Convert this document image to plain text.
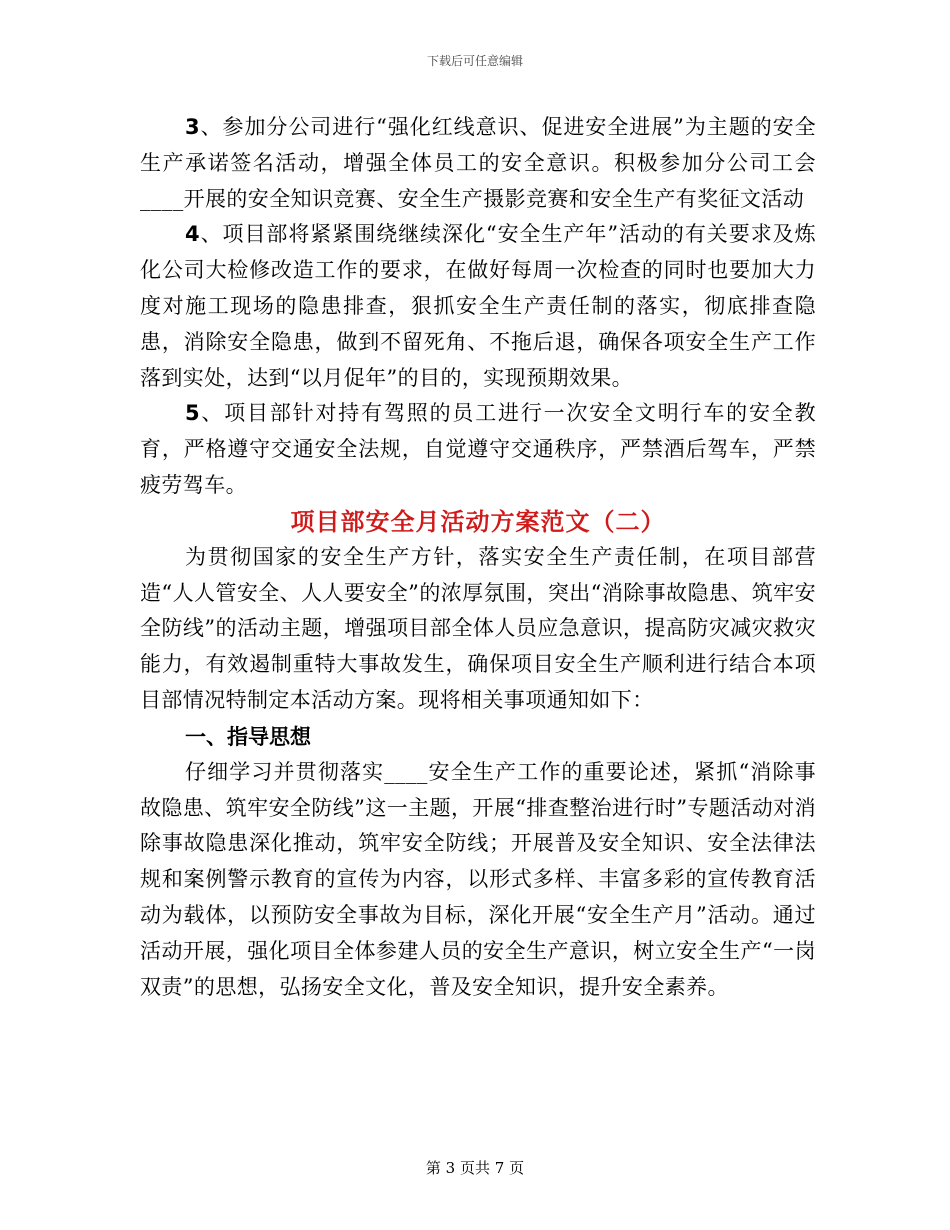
下载后可任意编辑

3、参加分公司进行“强化红线意识、促进安全进展”为主题的安全生产承诺签名活动，增强全体员工的安全意识。积极参加分公司工会____开展的安全知识竞赛、安全生产摄影竞赛和安全生产有奖征文活动

4、项目部将紧紧围绕继续深化“安全生产年”活动的有关要求及炼化公司大检修改造工作的要求，在做好每周一次检查的同时也要加大力度对施工现场的隐患排查，狠抓安全生产责任制的落实，彻底排查隐患，消除安全隐患，做到不留死角、不拖后退，确保各项安全生产工作落到实处，达到“以月促年”的目的，实现预期效果。

5、项目部针对持有驾照的员工进行一次安全文明行车的安全教育，严格遵守交通安全法规，自觉遵守交通秩序，严禁酒后驾车，严禁疲劳驾车。

项目部安全月活动方案范文（二）

为贯彻国家的安全生产方针，落实安全生产责任制，在项目部营造“人人管安全、人人要安全”的浓厚氛围，突出“消除事故隐患、筑牢安全防线”的活动主题，增强项目部全体人员应急意识，提高防灾减灾救灾能力，有效遏制重特大事故发生，确保项目安全生产顺利进行结合本项目部情况特制定本活动方案。现将相关事项通知如下：

一、指导思想

仔细学习并贯彻落实____安全生产工作的重要论述，紧抓“消除事故隐患、筑牢安全防线”这一主题，开展“排查整治进行时”专题活动对消除事故隐患深化推动，筑牢安全防线；开展普及安全知识、安全法律法规和案例警示教育的宣传为内容，以形式多样、丰富多彩的宣传教育活动为载体，以预防安全事故为目标，深化开展“安全生产月”活动。通过活动开展，强化项目全体参建人员的安全生产意识，树立安全生产“一岗双责”的思想，弘扬安全文化，普及安全知识，提升安全素养。

第 3 页共 7 页
